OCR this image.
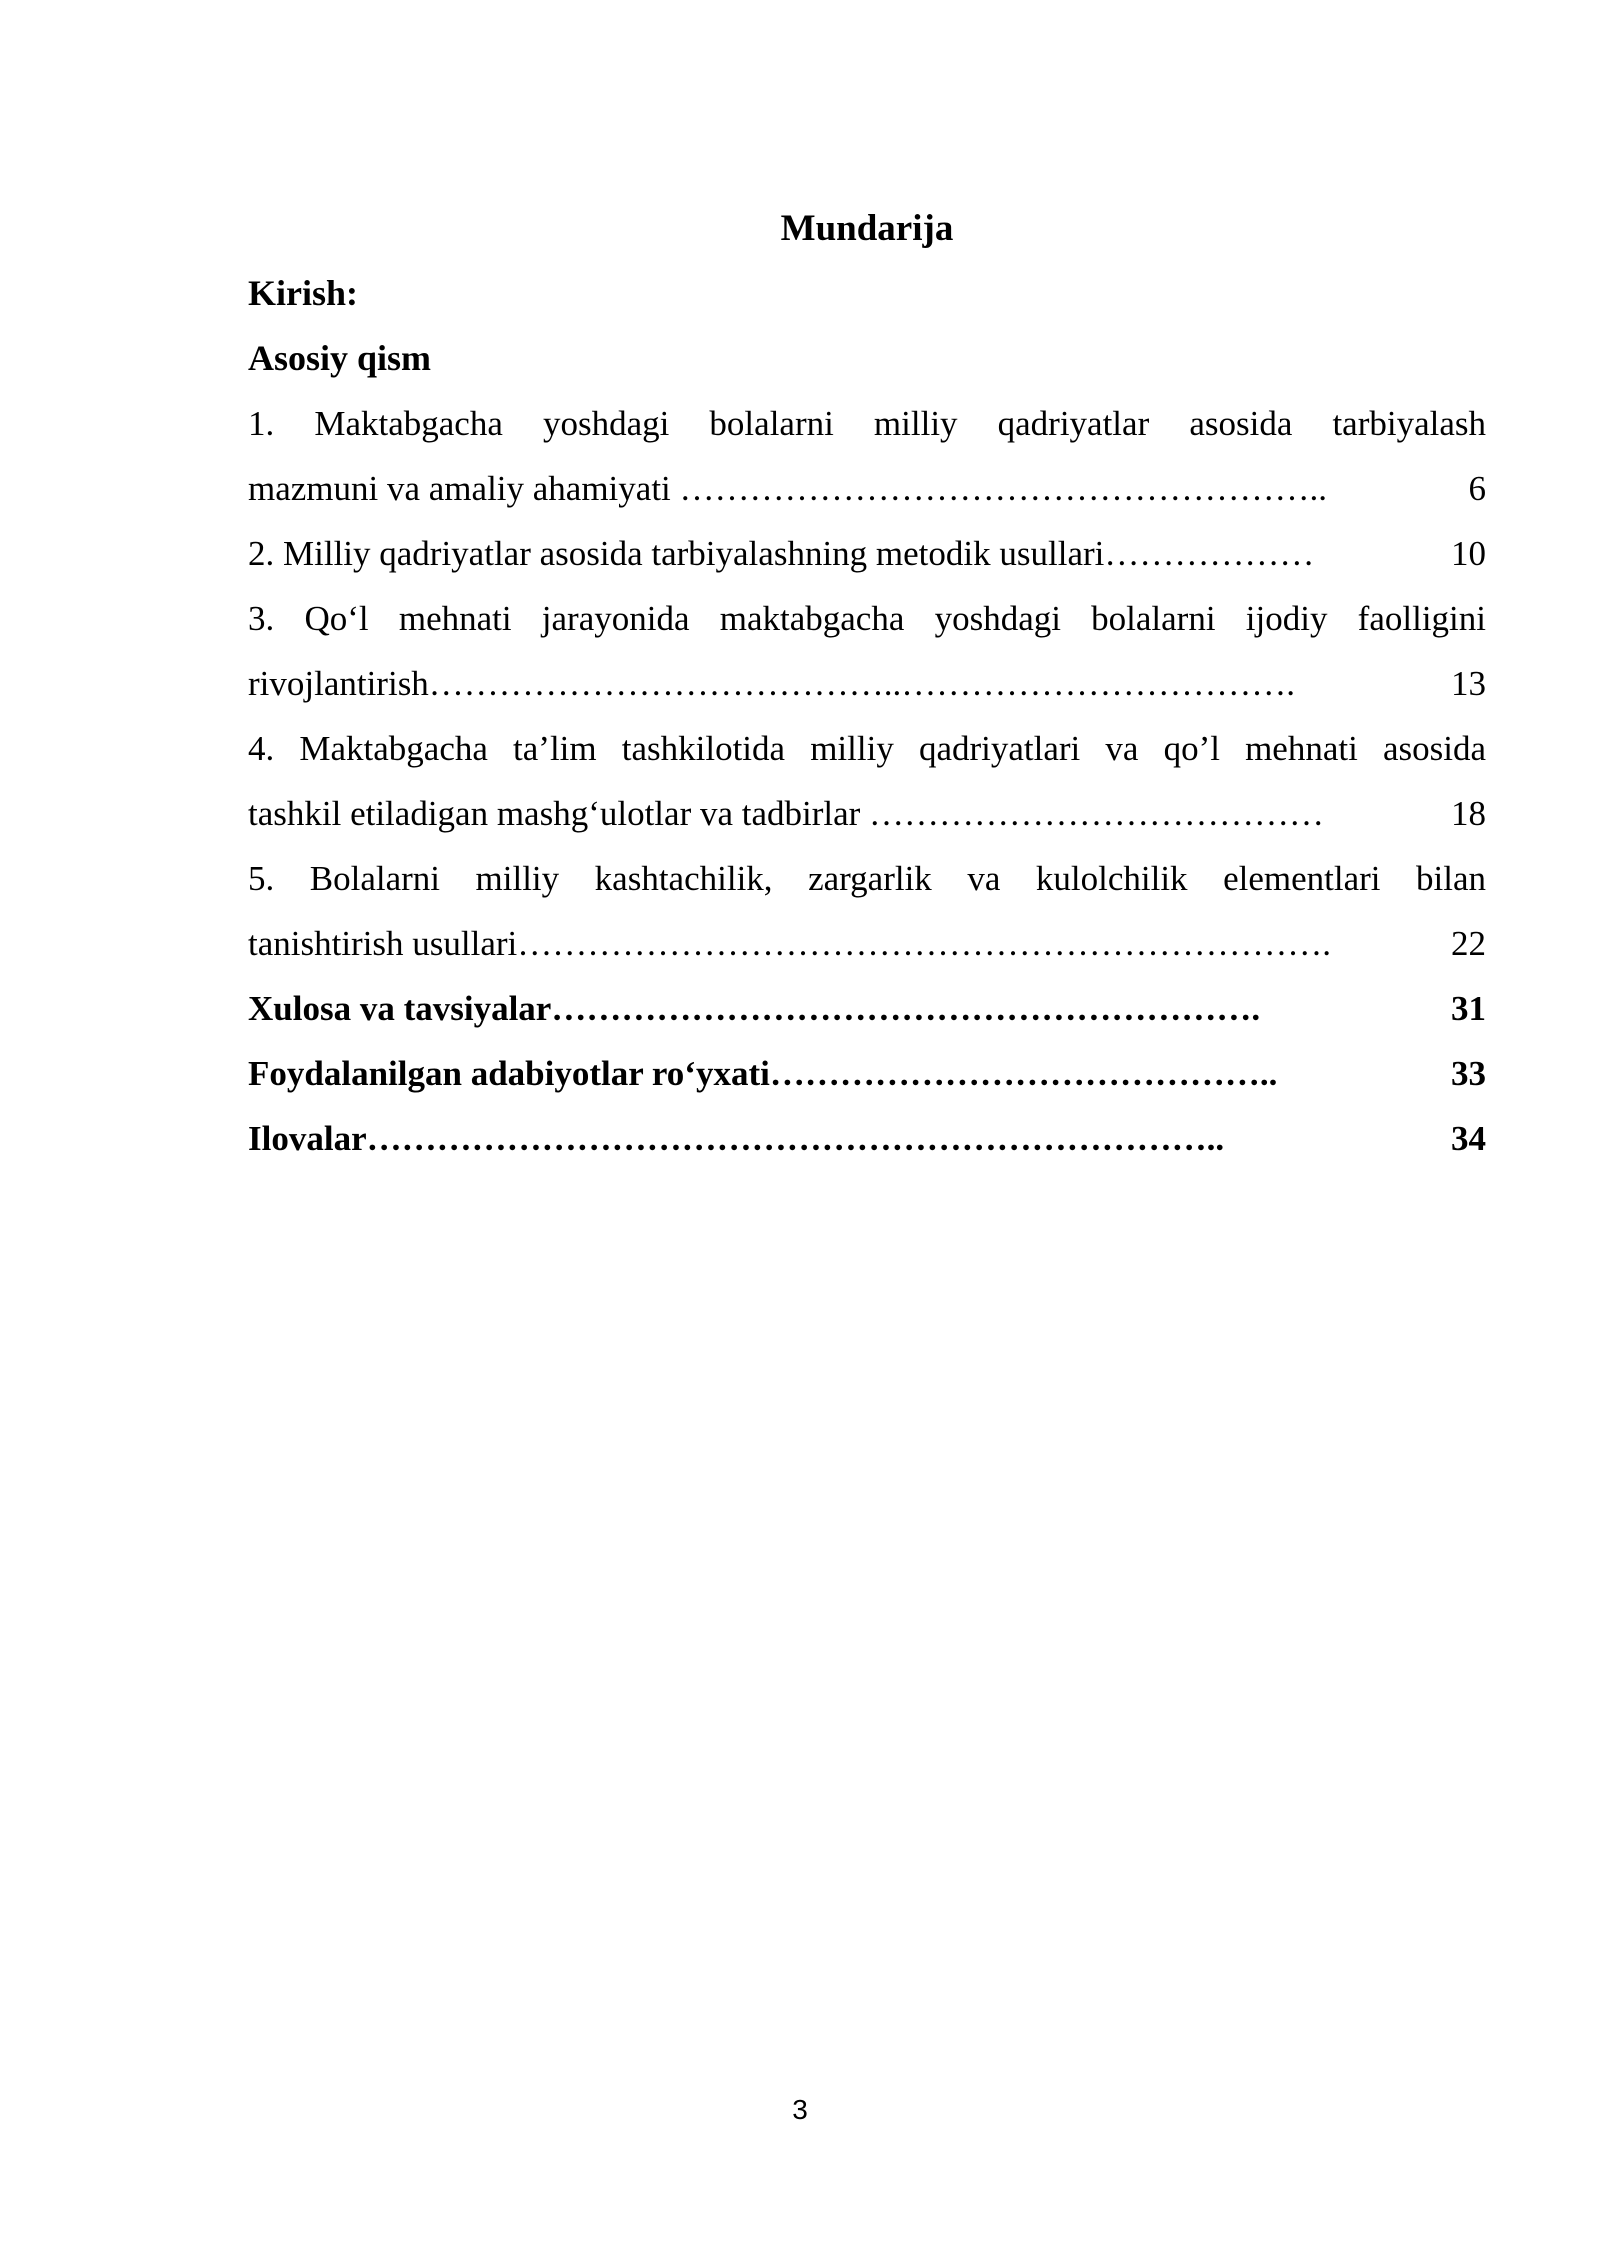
Mundarija
Kirish:
Asosiy qism
1. Maktabgacha yoshdagi bolalarni milliy qadriyatlar asosida tarbiyalash
mazmuni va amaliy ahamiyati ………………………………………………..	6
2. Milliy qadriyatlar asosida tarbiyalashning metodik usullari………………	10
3. Qo‘l mehnati jarayonida maktabgacha yoshdagi bolalarni ijodiy faolligini
rivojlantirish…………………………………..…………………………….	13
4. Maktabgacha ta’lim tashkilotida milliy qadriyatlari va qo’l mehnati asosida
tashkil etiladigan mashg‘ulotlar va tadbirlar …………………………………	18
5. Bolalarni milliy kashtachilik, zargarlik va kulolchilik elementlari bilan
tanishtirish usullari…………………………………………………………….	22
Xulosa va tavsiyalar…………………………………………………….	31
Foydalanilgan adabiyotlar ro‘yxati……………………………………..	33
Ilovalar………………………………………………………………..	34
3
